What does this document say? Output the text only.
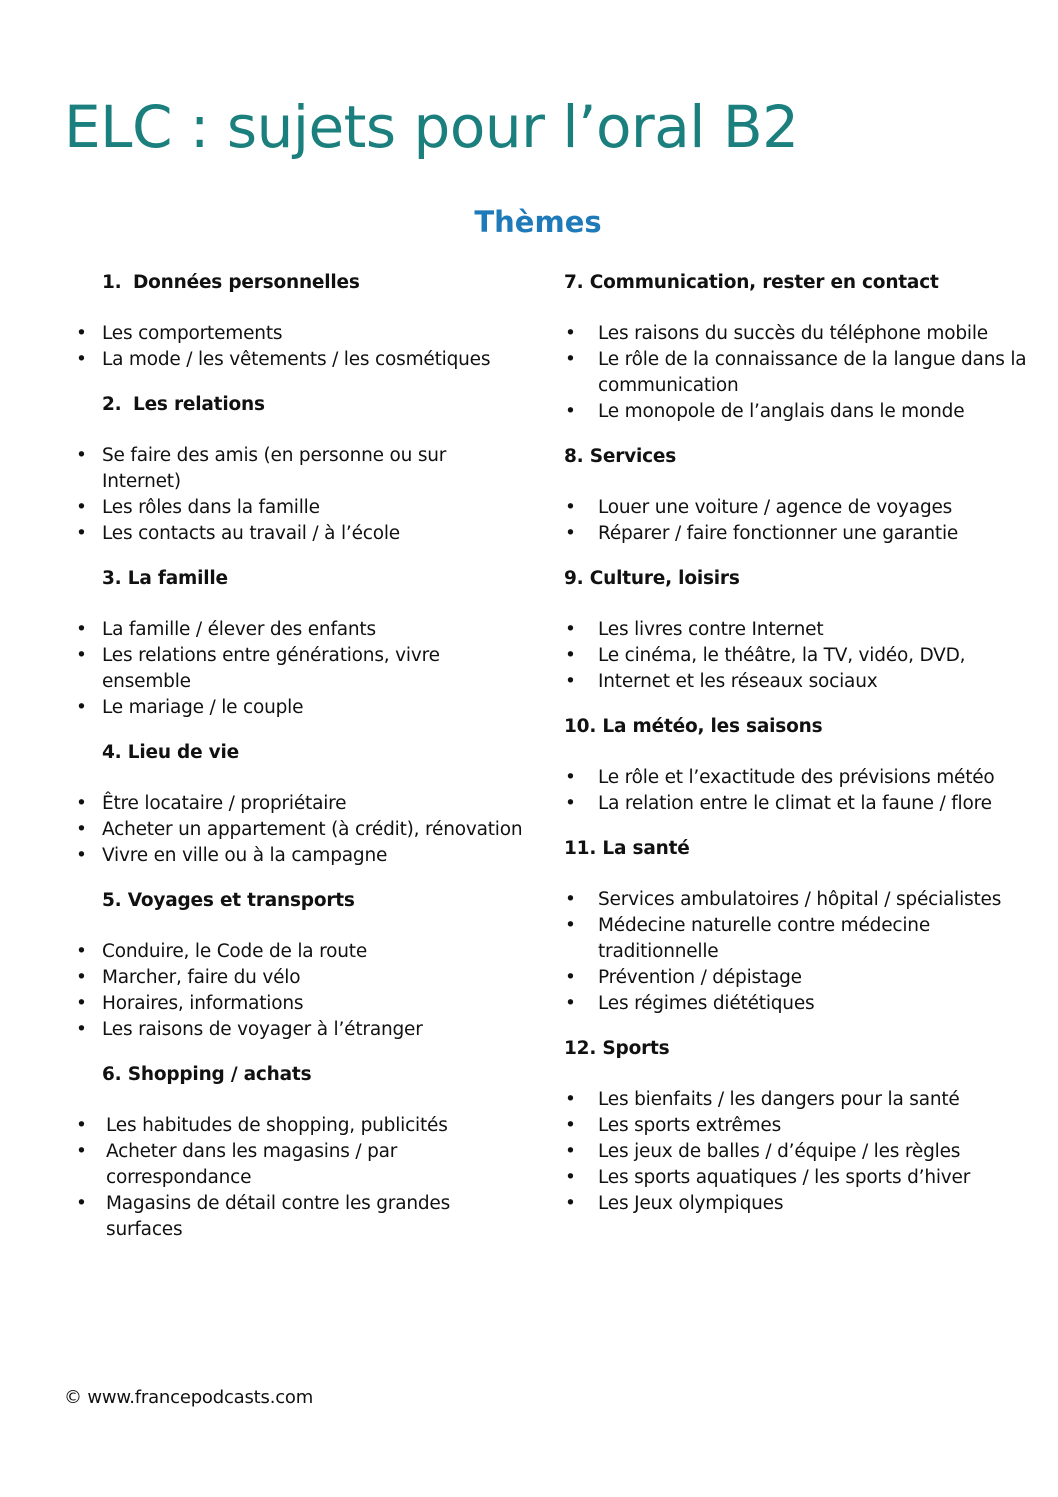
ELC : sujets pour l’oral B2
Thèmes
1. Données personnelles
• Les comportements
• La mode / les vêtements / les cosmétiques
2. Les relations
• Se faire des amis (en personne ou sur Internet)
• Les rôles dans la famille
• Les contacts au travail / à l’école
3. La famille
• La famille / élever des enfants
• Les relations entre générations, vivre ensemble
• Le mariage / le couple
4. Lieu de vie
• Être locataire / propriétaire
• Acheter un appartement (à crédit), rénovation
• Vivre en ville ou à la campagne
5. Voyages et transports
• Conduire, le Code de la route
• Marcher, faire du vélo
• Horaires, informations
• Les raisons de voyager à l’étranger
6. Shopping / achats
• Les habitudes de shopping, publicités
• Acheter dans les magasins / par correspondance
• Magasins de détail contre les grandes surfaces
7. Communication, rester en contact
• Les raisons du succès du téléphone mobile
• Le rôle de la connaissance de la langue dans la communication
• Le monopole de l’anglais dans le monde
8. Services
• Louer une voiture / agence de voyages
• Réparer / faire fonctionner une garantie
9. Culture, loisirs
• Les livres contre Internet
• Le cinéma, le théâtre, la TV, vidéo, DVD,
• Internet et les réseaux sociaux
10. La météo, les saisons
• Le rôle et l’exactitude des prévisions météo
• La relation entre le climat et la faune / flore
11. La santé
• Services ambulatoires / hôpital / spécialistes
• Médecine naturelle contre médecine traditionnelle
• Prévention / dépistage
• Les régimes diététiques
12. Sports
• Les bienfaits / les dangers pour la santé
• Les sports extrêmes
• Les jeux de balles / d’équipe / les règles
• Les sports aquatiques / les sports d’hiver
• Les Jeux olympiques
© www.francepodcasts.com
